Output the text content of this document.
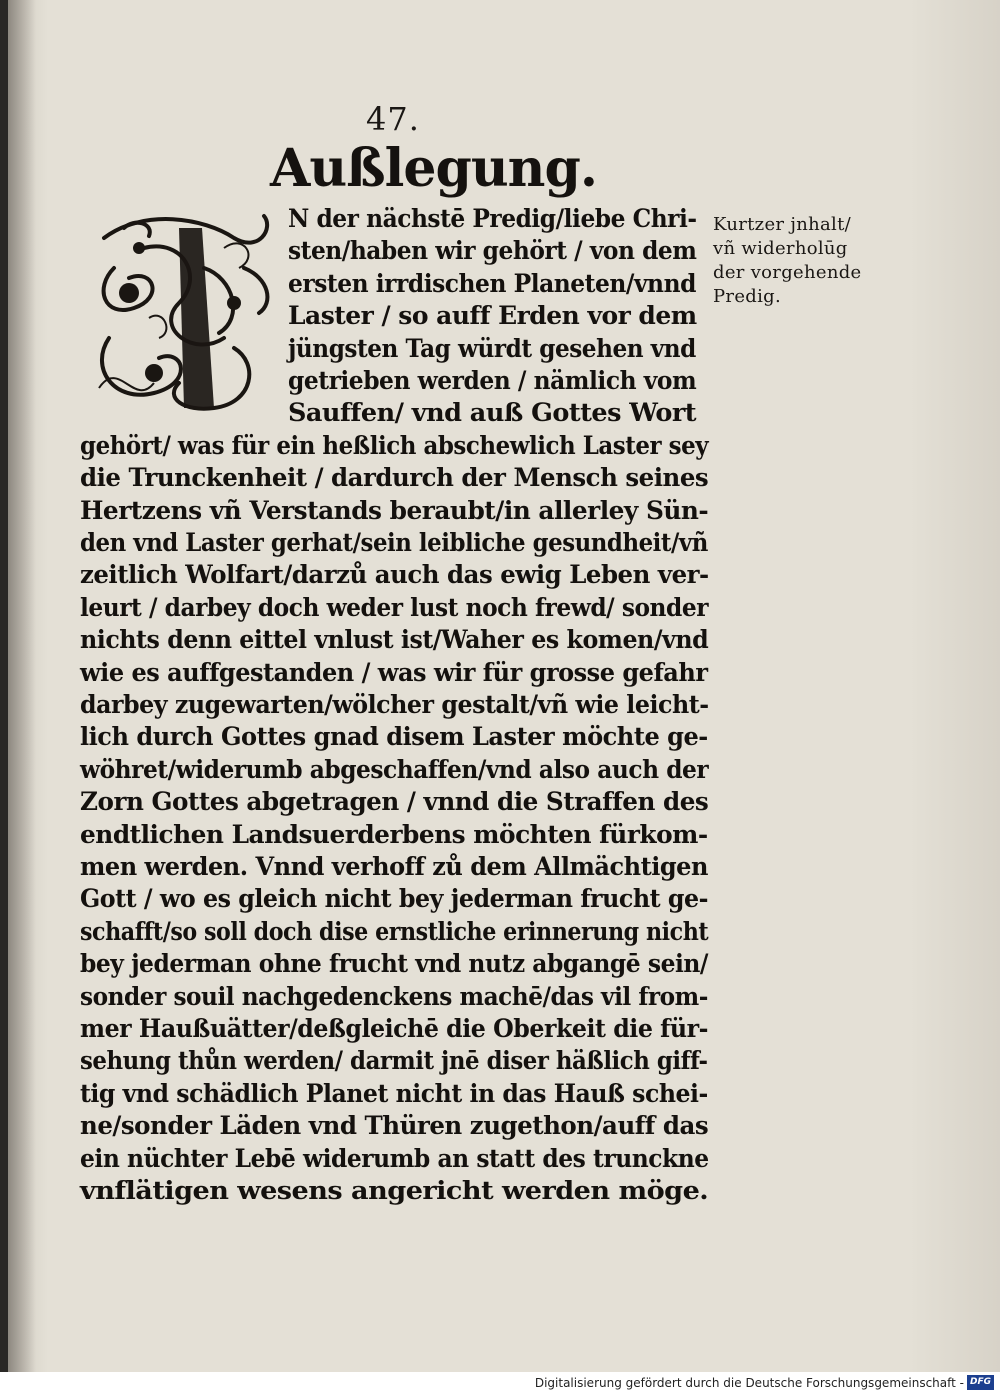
47.
Außlegung.
N der nächstē Predig/liebe Chri-
sten/haben wir gehört / von dem
ersten irrdischen Planeten/vnnd
Laster / so auff Erden vor dem
jüngsten Tag würdt gesehen vnd
getrieben werden / nämlich vom
Sauffen/ vnd auß Gottes Wort
gehört/ was für ein heßlich abschewlich Laster sey
die Trunckenheit / dardurch der Mensch seines
Hertzens vñ Verstands beraubt/in allerley Sün-
den vnd Laster gerhat/sein leibliche gesundheit/vñ
zeitlich Wolfart/darzů auch das ewig Leben ver-
leurt / darbey doch weder lust noch frewd/ sonder
nichts denn eittel vnlust ist/Waher es komen/vnd
wie es auffgestanden / was wir für grosse gefahr
darbey zugewarten/wölcher gestalt/vñ wie leicht-
lich durch Gottes gnad disem Laster möchte ge-
wöhret/widerumb abgeschaffen/vnd also auch der
Zorn Gottes abgetragen / vnnd die Straffen des
endtlichen Landsuerderbens möchten fürkom-
men werden. Vnnd verhoff zů dem Allmächtigen
Gott / wo es gleich nicht bey jederman frucht ge-
schafft/so soll doch dise ernstliche erinnerung nicht
bey jederman ohne frucht vnd nutz abgangē sein/
sonder souil nachgedenckens machē/das vil from-
mer Haußuätter/deßgleichē die Oberkeit die für-
sehung thůn werden/ darmit jnē diser häßlich giff-
tig vnd schädlich Planet nicht in das Hauß schei-
ne/sonder Läden vnd Thüren zugethon/auff das
ein nüchter Lebē widerumb an statt des trunckne
vnflätigen wesens angericht werden möge.
Kurtzer jnhalt/
vñ widerholūg
der vorgehende
Predig.
Digitalisierung gefördert durch die Deutsche Forschungsgemeinschaft - DFG
